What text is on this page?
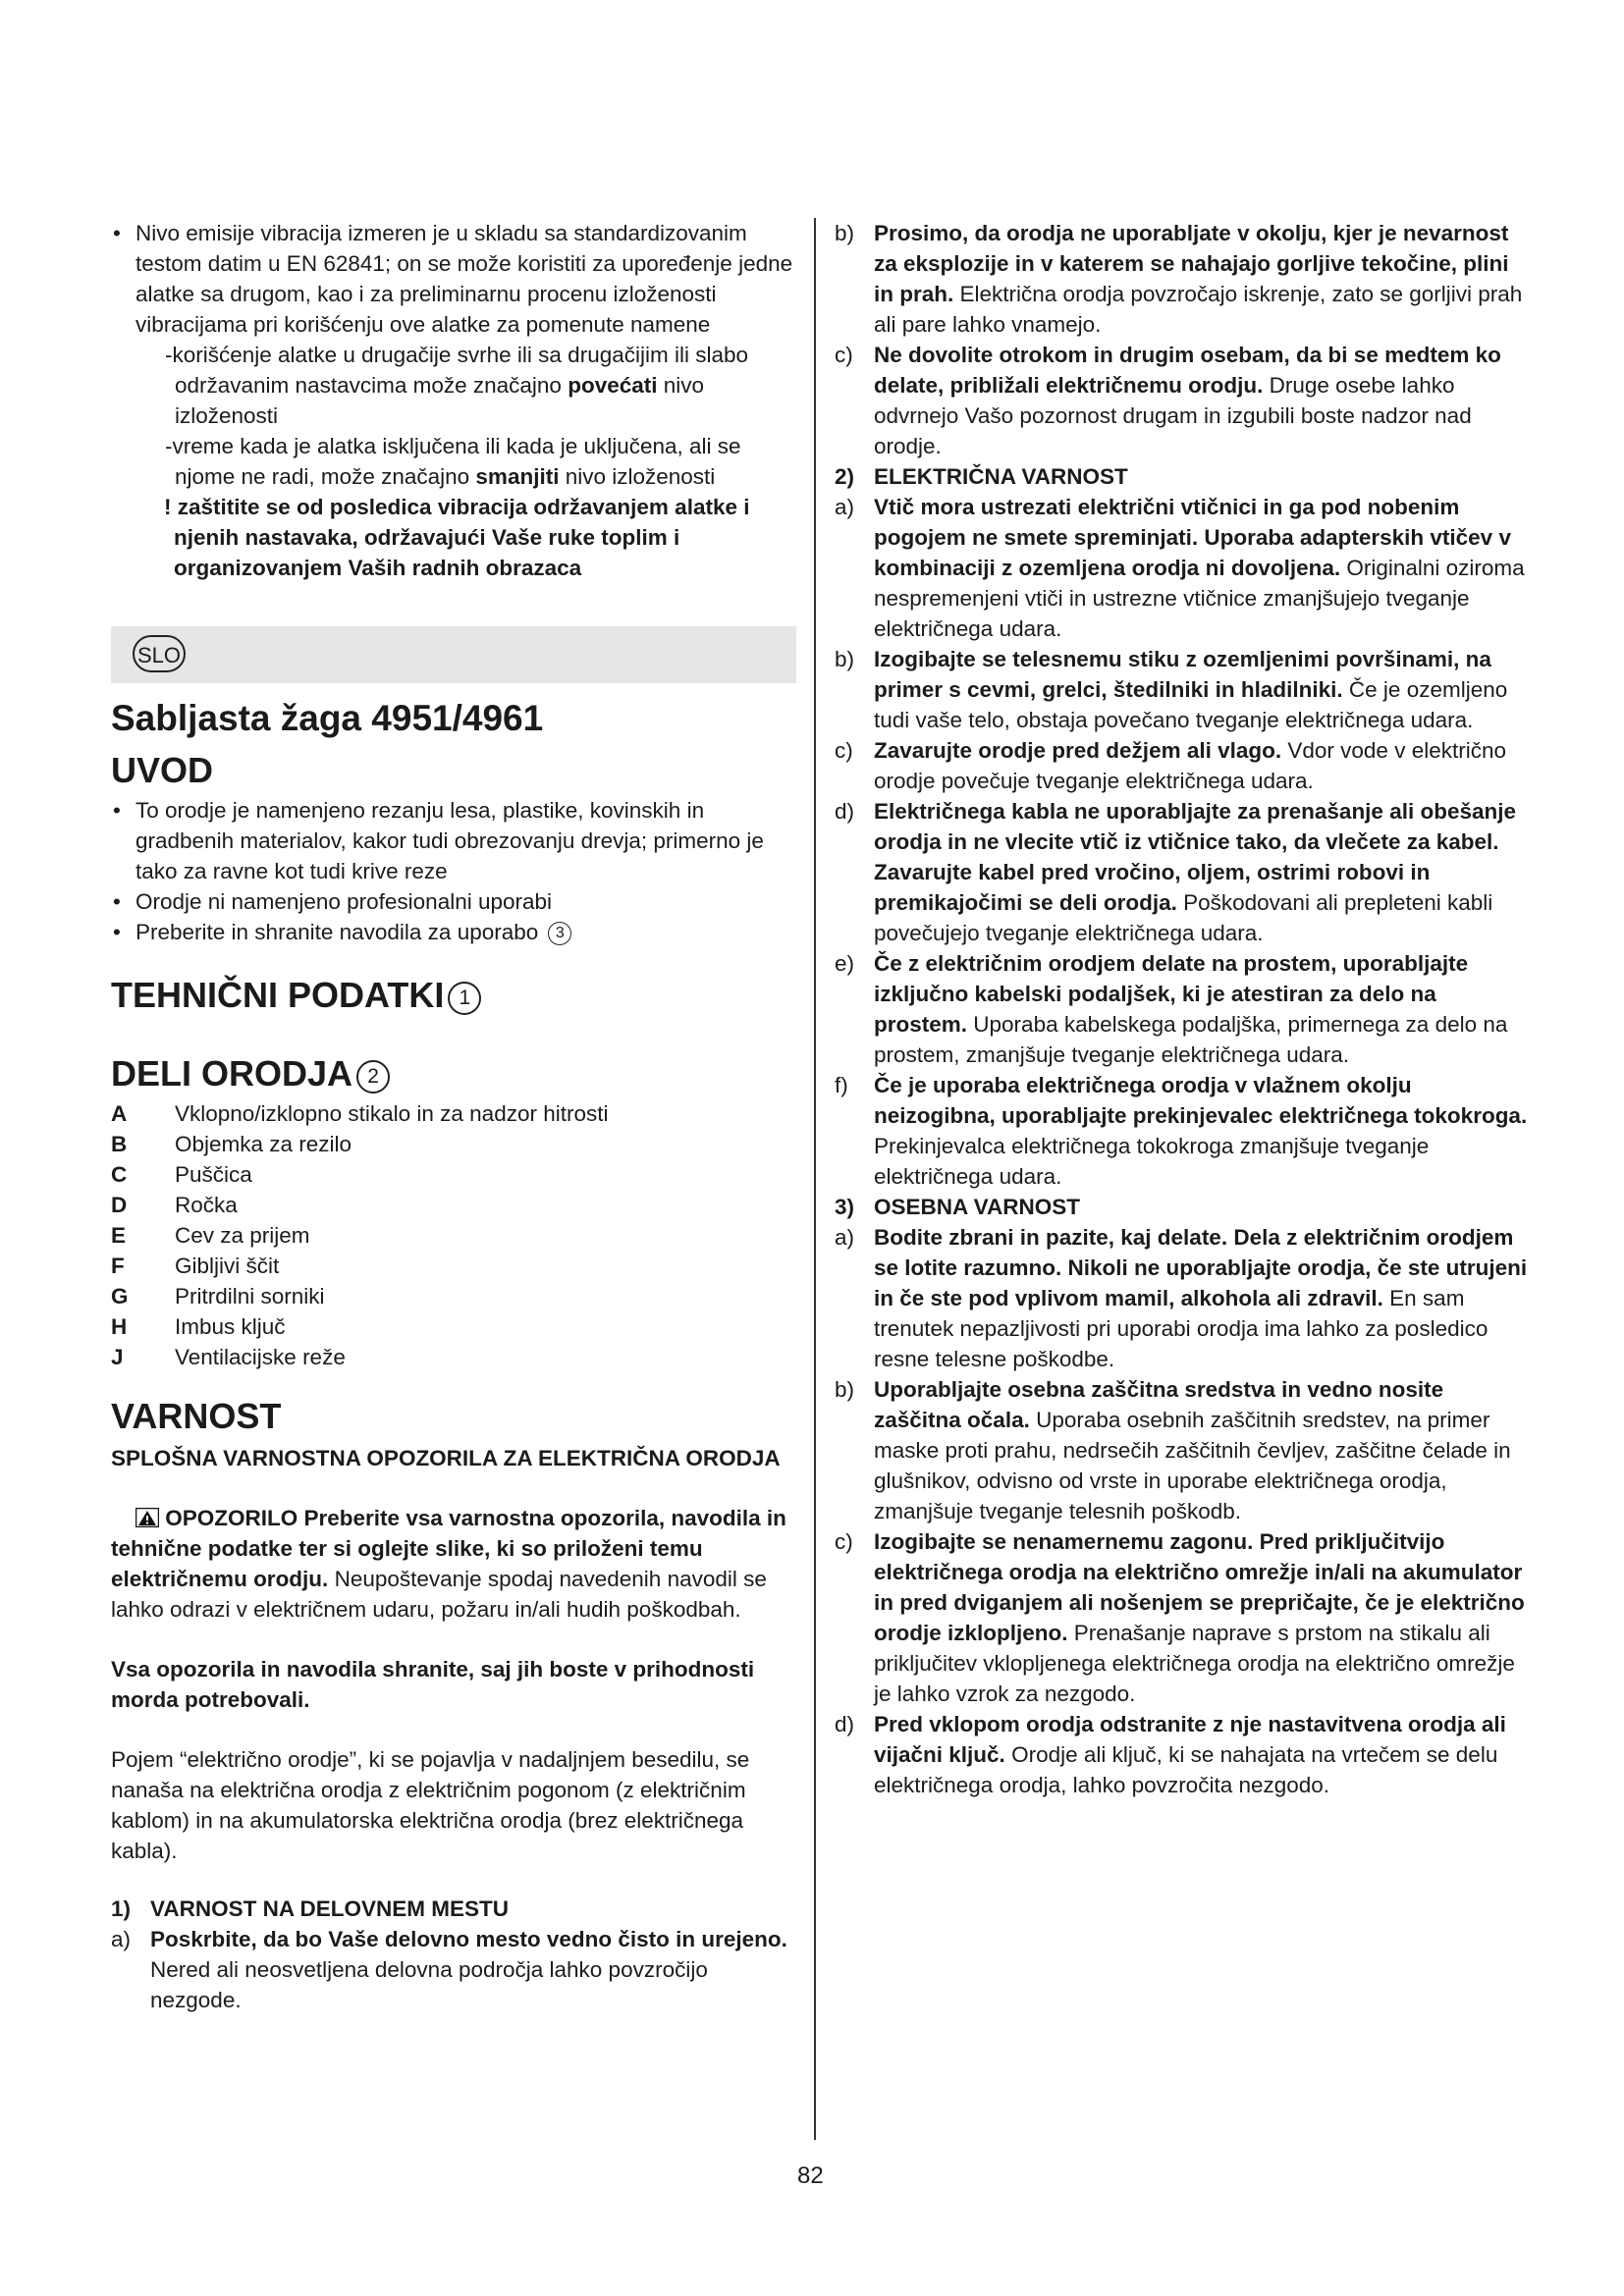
• Nivo emisije vibracija izmeren je u skladu sa standardizovanim testom datim u EN 62841; on se može koristiti za upoređenje jedne alatke sa drugom, kao i za preliminarnu procenu izloženosti vibracijama pri korišćenju ove alatke za pomenute namene

-korišćenje alatke u drugačije svrhe ili sa drugačijim ili slabo održavanim nastavcima može značajno povećati nivo izloženosti

-vreme kada je alatka isključena ili kada je uključena, ali se njome ne radi, može značajno smanjiti nivo izloženosti

! zaštitite se od posledica vibracija održavanjem alatke i njenih nastavaka, održavajući Vaše ruke toplim i organizovanjem Vaših radnih obrazaca

SLO
Sabljasta žaga 4951/4961
UVOD

• To orodje je namenjeno rezanju lesa, plastike, kovinskih in gradbenih materialov, kakor tudi obrezovanju drevja; primerno je tako za ravne kot tudi krive reze

• Orodje ni namenjeno profesionalni uporabi

• Preberite in shranite navodila za uporabo 3

TEHNIČNI PODATKI 1
DELI ORODJA 2
A	Vklopno/izklopno stikalo in za nadzor hitrosti
B	Objemka za rezilo
C	Puščica
D	Ročka
E	Cev za prijem
F	Gibljivi ščit
G	Pritrdilni sorniki
H	Imbus ključ
J	Ventilacijske reže
VARNOST

SPLOŠNA VARNOSTNA OPOZORILA ZA ELEKTRIČNA ORODJA

OPOZORILO Preberite vsa varnostna opozorila, navodila in tehnične podatke ter si oglejte slike, ki so priloženi temu električnemu orodju. Neupoštevanje spodaj navedenih navodil se lahko odrazi v električnem udaru, požaru in/ali hudih poškodbah.

Vsa opozorila in navodila shranite, saj jih boste v prihodnosti morda potrebovali.

Pojem “električno orodje”, ki se pojavlja v nadaljnjem besedilu, se nanaša na električna orodja z električnim pogonom (z električnim kablom) in na akumulatorska električna orodja (brez električnega kabla).

1) VARNOST NA DELOVNEM MESTU

a) Poskrbite, da bo Vaše delovno mesto vedno čisto in urejeno. Nered ali neosvetljena delovna področja lahko povzročijo nezgode.

b) Prosimo, da orodja ne uporabljate v okolju, kjer je nevarnost za eksplozije in v katerem se nahajajo gorljive tekočine, plini in prah. Električna orodja povzročajo iskrenje, zato se gorljivi prah ali pare lahko vnamejo.

c) Ne dovolite otrokom in drugim osebam, da bi se medtem ko delate, približali električnemu orodju. Druge osebe lahko odvrnejo Vašo pozornost drugam in izgubili boste nadzor nad orodje.

2) ELEKTRIČNA VARNOST

a) Vtič mora ustrezati električni vtičnici in ga pod nobenim pogojem ne smete spreminjati. Uporaba adapterskih vtičev v kombinaciji z ozemljena orodja ni dovoljena. Originalni oziroma nespremenjeni vtiči in ustrezne vtičnice zmanjšujejo tveganje električnega udara.

b) Izogibajte se telesnemu stiku z ozemljenimi površinami, na primer s cevmi, grelci, štedilniki in hladilniki. Če je ozemljeno tudi vaše telo, obstaja povečano tveganje električnega udara.

c) Zavarujte orodje pred dežjem ali vlago. Vdor vode v električno orodje povečuje tveganje električnega udara.

d) Električnega kabla ne uporabljajte za prenašanje ali obešanje orodja in ne vlecite vtič iz vtičnice tako, da vlečete za kabel. Zavarujte kabel pred vročino, oljem, ostrimi robovi in premikajočimi se deli orodja. Poškodovani ali prepleteni kabli povečujejo tveganje električnega udara.

e) Če z električnim orodjem delate na prostem, uporabljajte izključno kabelski podaljšek, ki je atestiran za delo na prostem. Uporaba kabelskega podaljška, primernega za delo na prostem, zmanjšuje tveganje električnega udara.

f) Če je uporaba električnega orodja v vlažnem okolju neizogibna, uporabljajte prekinjevalec električnega tokokroga. Prekinjevalca električnega tokokroga zmanjšuje tveganje električnega udara.

3) OSEBNA VARNOST

a) Bodite zbrani in pazite, kaj delate. Dela z električnim orodjem se lotite razumno. Nikoli ne uporabljajte orodja, če ste utrujeni in če ste pod vplivom mamil, alkohola ali zdravil. En sam trenutek nepazljivosti pri uporabi orodja ima lahko za posledico resne telesne poškodbe.

b) Uporabljajte osebna zaščitna sredstva in vedno nosite zaščitna očala. Uporaba osebnih zaščitnih sredstev, na primer maske proti prahu, nedrsečih zaščitnih čevljev, zaščitne čelade in glušnikov, odvisno od vrste in uporabe električnega orodja, zmanjšuje tveganje telesnih poškodb.

c) Izogibajte se nenamernemu zagonu. Pred priključitvijo električnega orodja na električno omrežje in/ali na akumulator in pred dviganjem ali nošenjem se prepričajte, če je električno orodje izklopljeno. Prenašanje naprave s prstom na stikalu ali priključitev vklopljenega električnega orodja na električno omrežje je lahko vzrok za nezgodo.

d) Pred vklopom orodja odstranite z nje nastavitvena orodja ali vijačni ključ. Orodje ali ključ, ki se nahajata na vrtečem se delu električnega orodja, lahko povzročita nezgodo.

82
